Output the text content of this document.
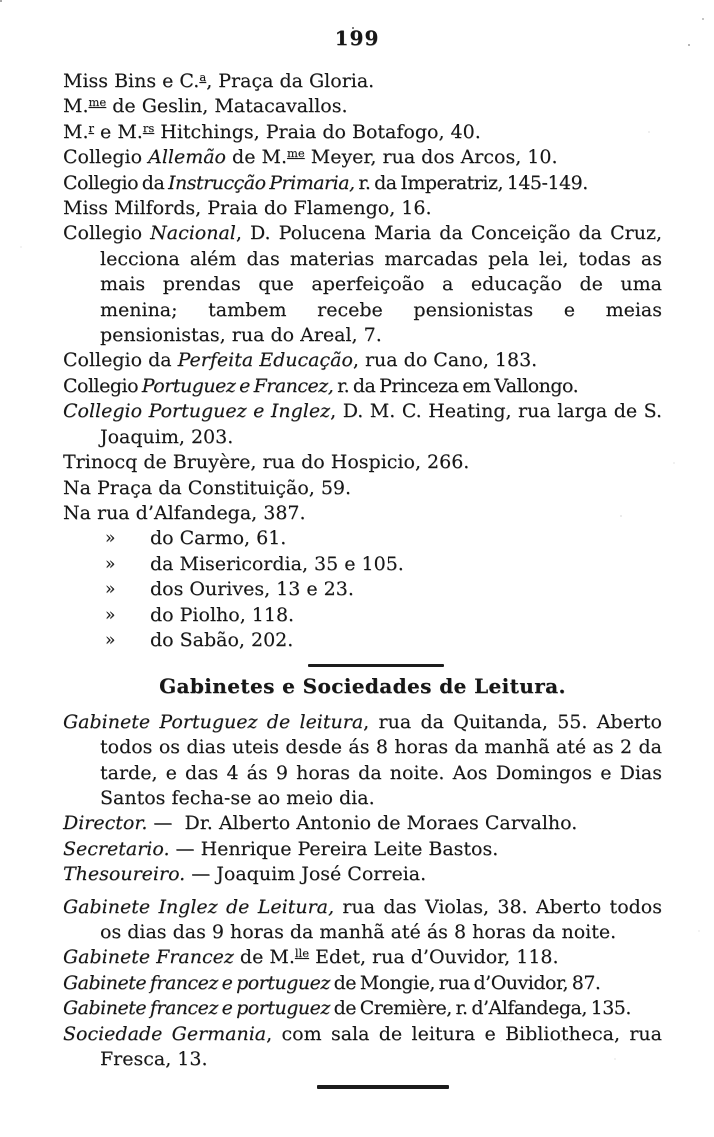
199

Miss Bins e C.$^a$, Praça da Gloria.

M.$^{me}$ de Geslin, Matacavallos.

M.$^r$ e M.$^{rs}$ Hitchings, Praia do Botafogo, 40.

Collegio Allemão de M.$^{me}$ Meyer, rua dos Arcos, 10.

Collegio da Instrucção Primaria, r. da Imperatriz, 145-149.

Miss Milfords, Praia do Flamengo, 16.

Collegio Nacional, D. Polucena Maria da Conceição da Cruz, lecciona além das materias marcadas pela lei, todas as mais prendas que aperfeiçoão a educação de uma menina; tambem recebe pensionistas e meias pensionistas, rua do Areal, 7.

Collegio da Perfeita Educação, rua do Cano, 183.

Collegio Portuguez e Francez, r. da Princeza em Vallongo.

Collegio Portuguez e Inglez, D. M. C. Heating, rua larga de S. Joaquim, 203.

Trinocq de Bruyère, rua do Hospicio, 266.

Na Praça da Constituição, 59.

Na rua d’Alfandega, 387.

» do Carmo, 61.

» da Misericordia, 35 e 105.

» dos Ourives, 13 e 23.

» do Piolho, 118.

» do Sabão, 202.

Gabinetes e Sociedades de Leitura.

Gabinete Portuguez de leitura, rua da Quitanda, 55. Aberto todos os dias uteis desde ás 8 horas da manhã até as 2 da tarde, e das 4 ás 9 horas da noite. Aos Domingos e Dias Santos fecha-se ao meio dia.

Director. —  Dr. Alberto Antonio de Moraes Carvalho.

Secretario. — Henrique Pereira Leite Bastos.

Thesoureiro. — Joaquim José Correia.

Gabinete Inglez de Leitura, rua das Violas, 38. Aberto todos os dias das 9 horas da manhã até ás 8 horas da noite.

Gabinete Francez de M.$^{lle}$ Edet, rua d’Ouvidor, 118.

Gabinete francez e portuguez de Mongie, rua d’Ouvidor, 87.

Gabinete francez e portuguez de Cremière, r. d’Alfandega, 135.

Sociedade Germania, com sala de leitura e Bibliotheca, rua Fresca, 13.
